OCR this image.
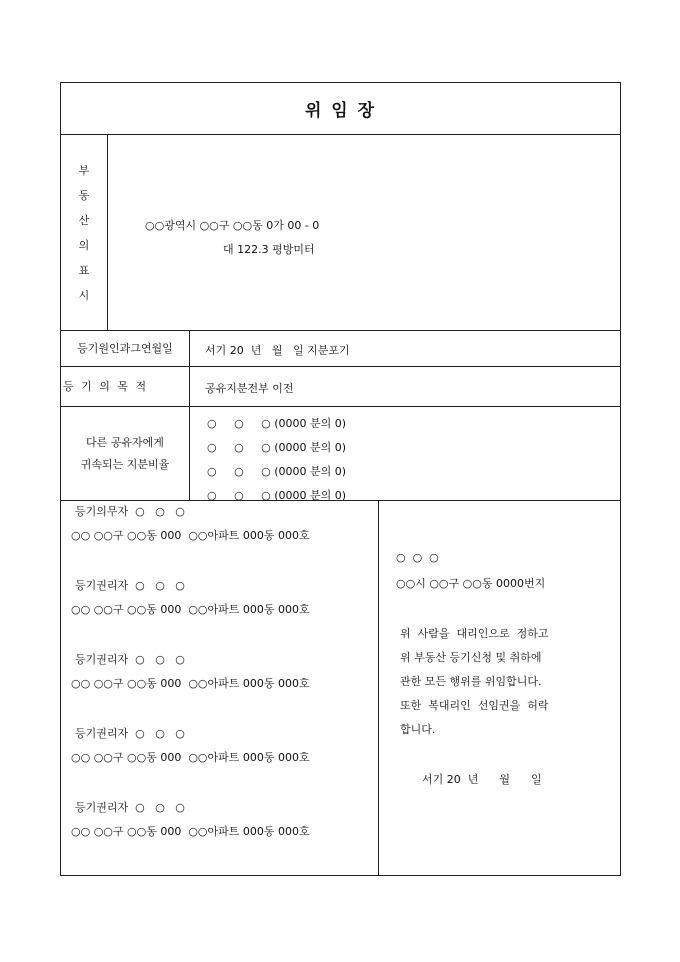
위 임 장
부
동
산
의
표
시
○○광역시 ○○구 ○○동 0가 00 - 0
대 122.3 평방미터
등기원인과그연월일	서기 20  년   월   일 지분포기
등 기 의 목 적	공유지분전부 이전
다른 공유자에게
귀속되는 지분비율
○     ○     ○ (0000 분의 0)
○     ○     ○ (0000 분의 0)
○     ○     ○ (0000 분의 0)
○     ○     ○ (0000 분의 0)
등기의무자  ○   ○   ○
○○ ○○구 ○○동 000  ○○아파트 000동 000호
등기권리자  ○   ○   ○
○○ ○○구 ○○동 000  ○○아파트 000동 000호
등기권리자  ○   ○   ○
○○ ○○구 ○○동 000  ○○아파트 000동 000호
등기권리자  ○   ○   ○
○○ ○○구 ○○동 000  ○○아파트 000동 000호
등기권리자  ○   ○   ○
○○ ○○구 ○○동 000  ○○아파트 000동 000호
○  ○  ○
○○시 ○○구 ○○동 0000번지
위  사람을  대리인으로  정하고
위 부동산 등기신청 및 취하에
관한 모든 행위를 위임합니다.
또한  복대리인  선임권을  허락
합니다.
서기 20  년      월      일
